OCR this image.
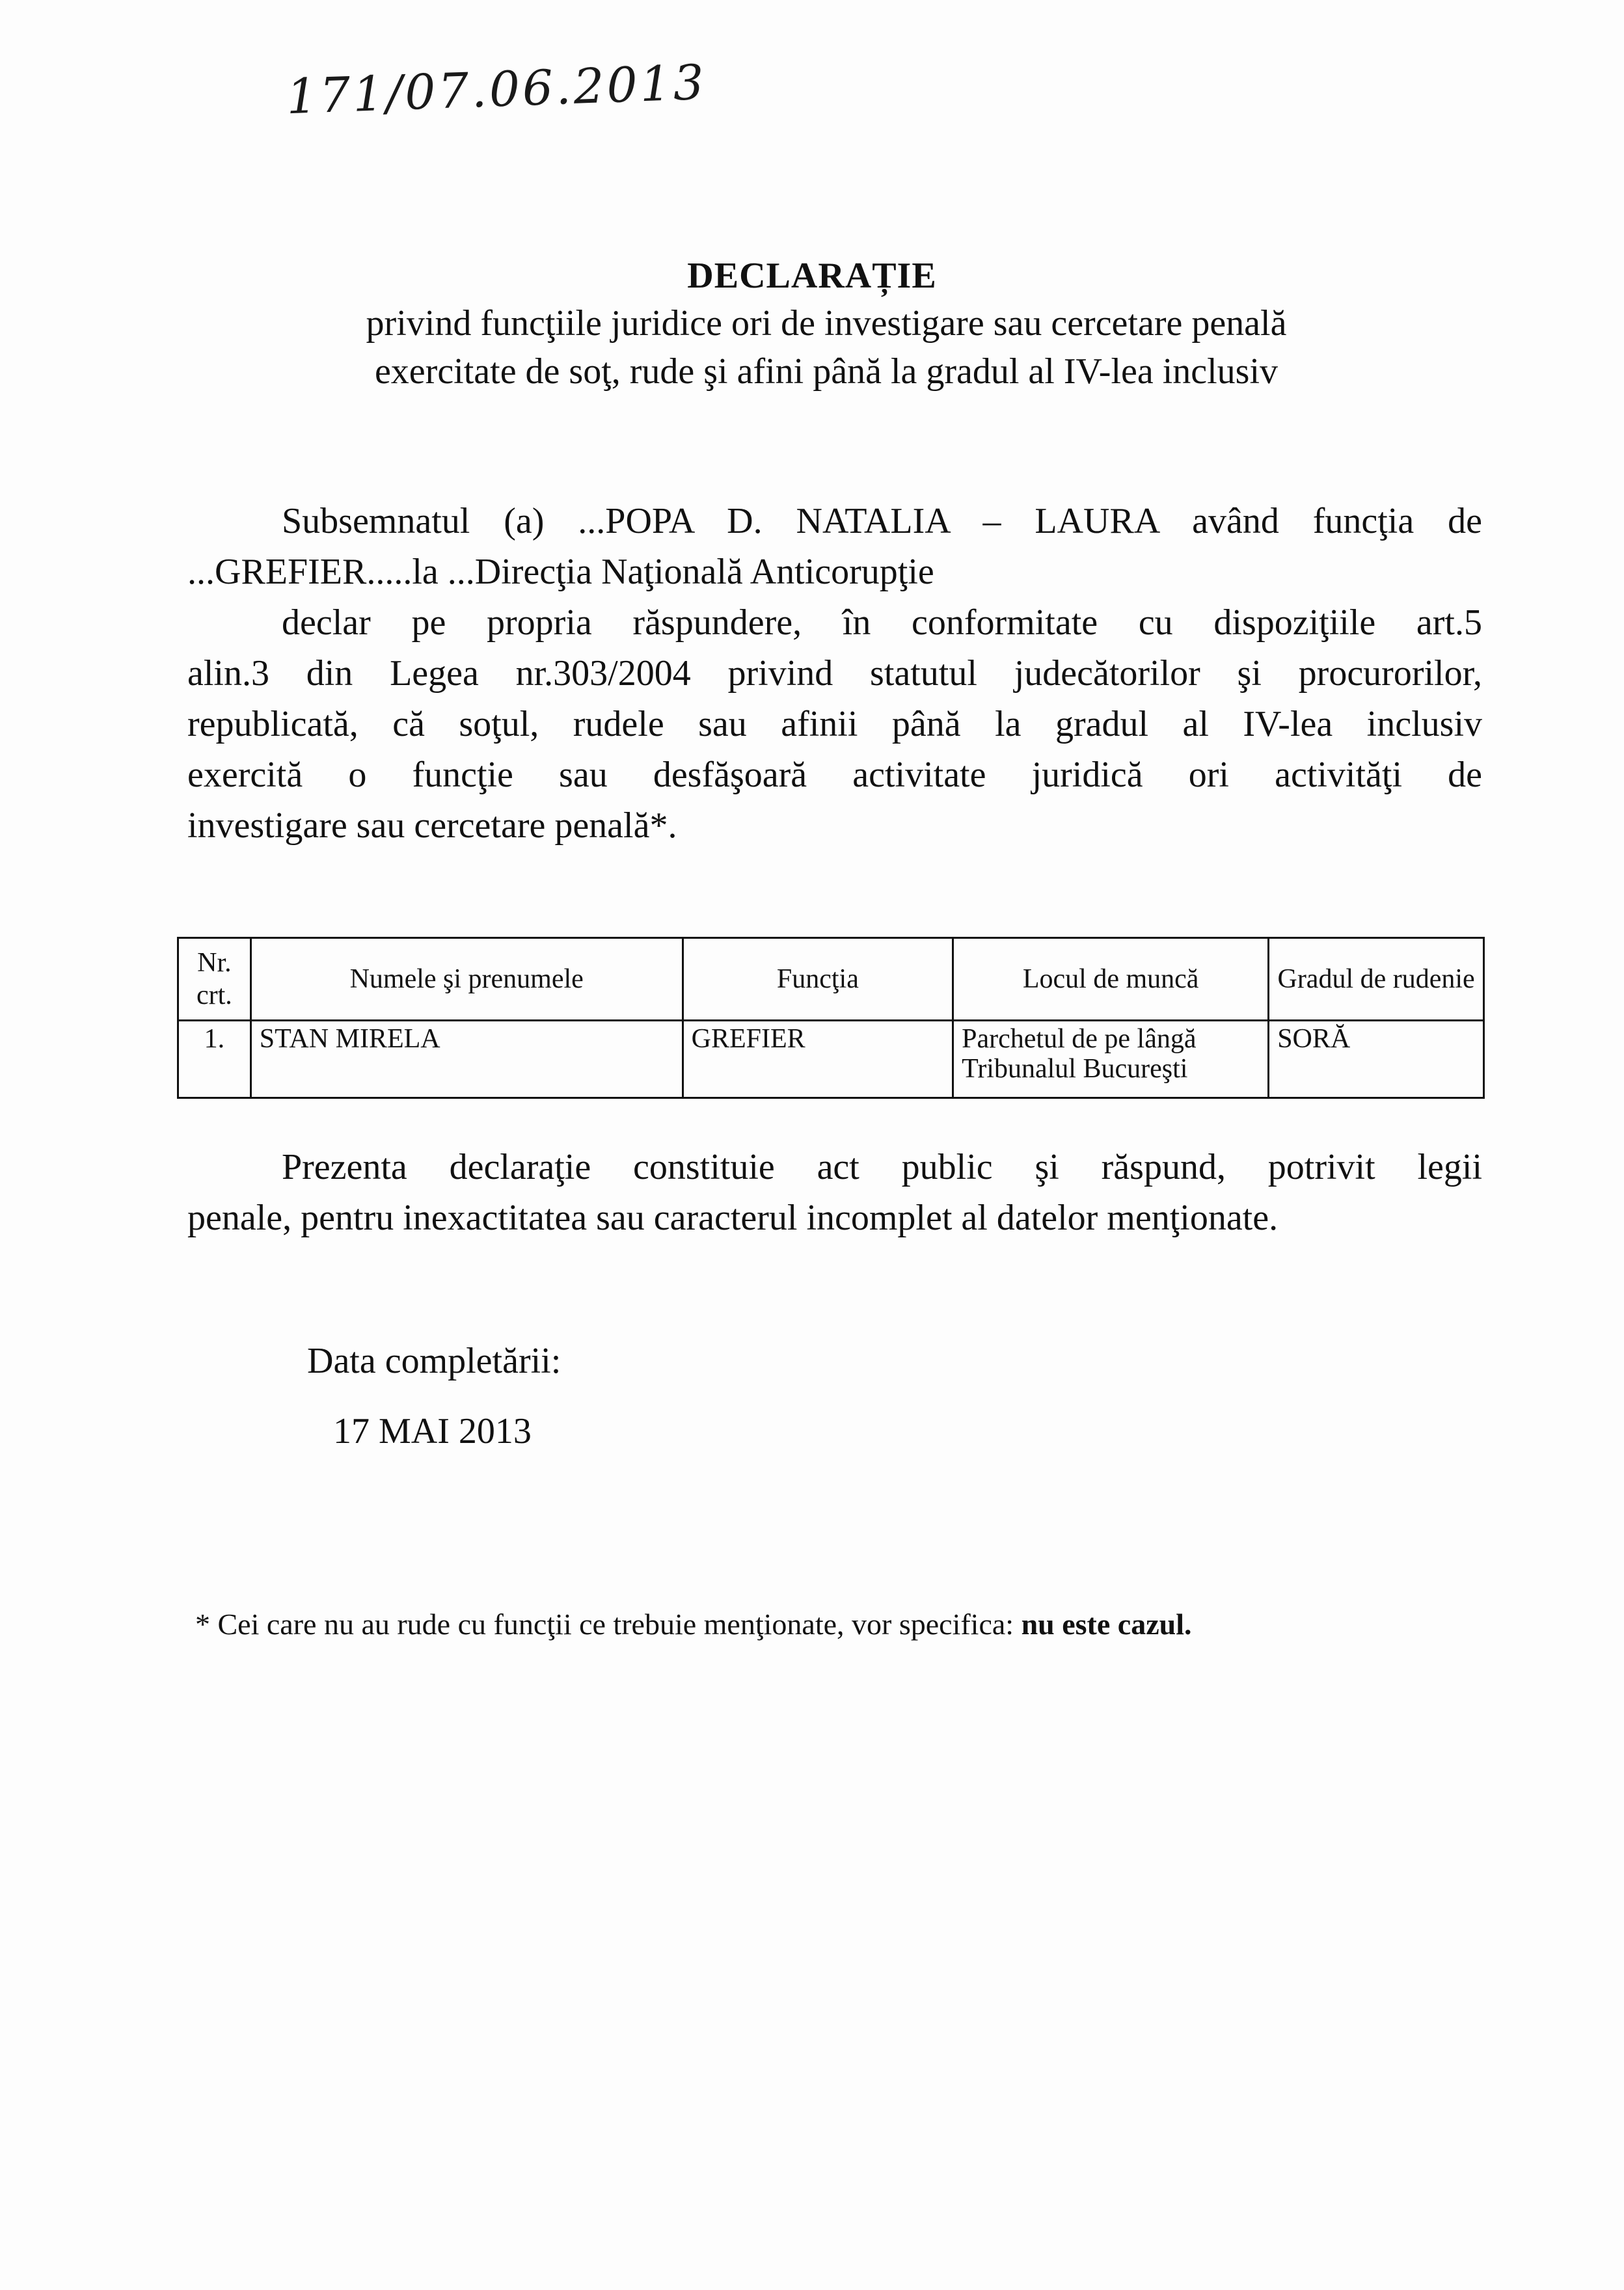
171/07.06.2013
DECLARAȚIE
privind funcţiile juridice ori de investigare sau cercetare penală
exercitate de soţ, rude şi afini până la gradul al IV-lea inclusiv
Subsemnatul (a) ...POPA D. NATALIA – LAURA având funcţia de
...GREFIER.....la ...Direcţia Naţională Anticorupţie
declar pe propria răspundere, în conformitate cu dispoziţiile art.5
alin.3 din Legea nr.303/2004 privind statutul judecătorilor şi procurorilor,
republicată, că soţul, rudele sau afinii până la gradul al IV-lea inclusiv
exercită o funcţie sau desfăşoară activitate juridică ori activităţi de
investigare sau cercetare penală*.
Nr. crt.	Numele şi prenumele	Funcţia	Locul de muncă	Gradul de rudenie
1.	STAN MIRELA	GREFIER	Parchetul de pe lângă Tribunalul Bucureşti	SORĂ
Prezenta declaraţie constituie act public şi răspund, potrivit legii
penale, pentru inexactitatea sau caracterul incomplet al datelor menţionate.
Data completării:
17 MAI 2013
* Cei care nu au rude cu funcţii ce trebuie menţionate, vor specifica: nu este cazul.
